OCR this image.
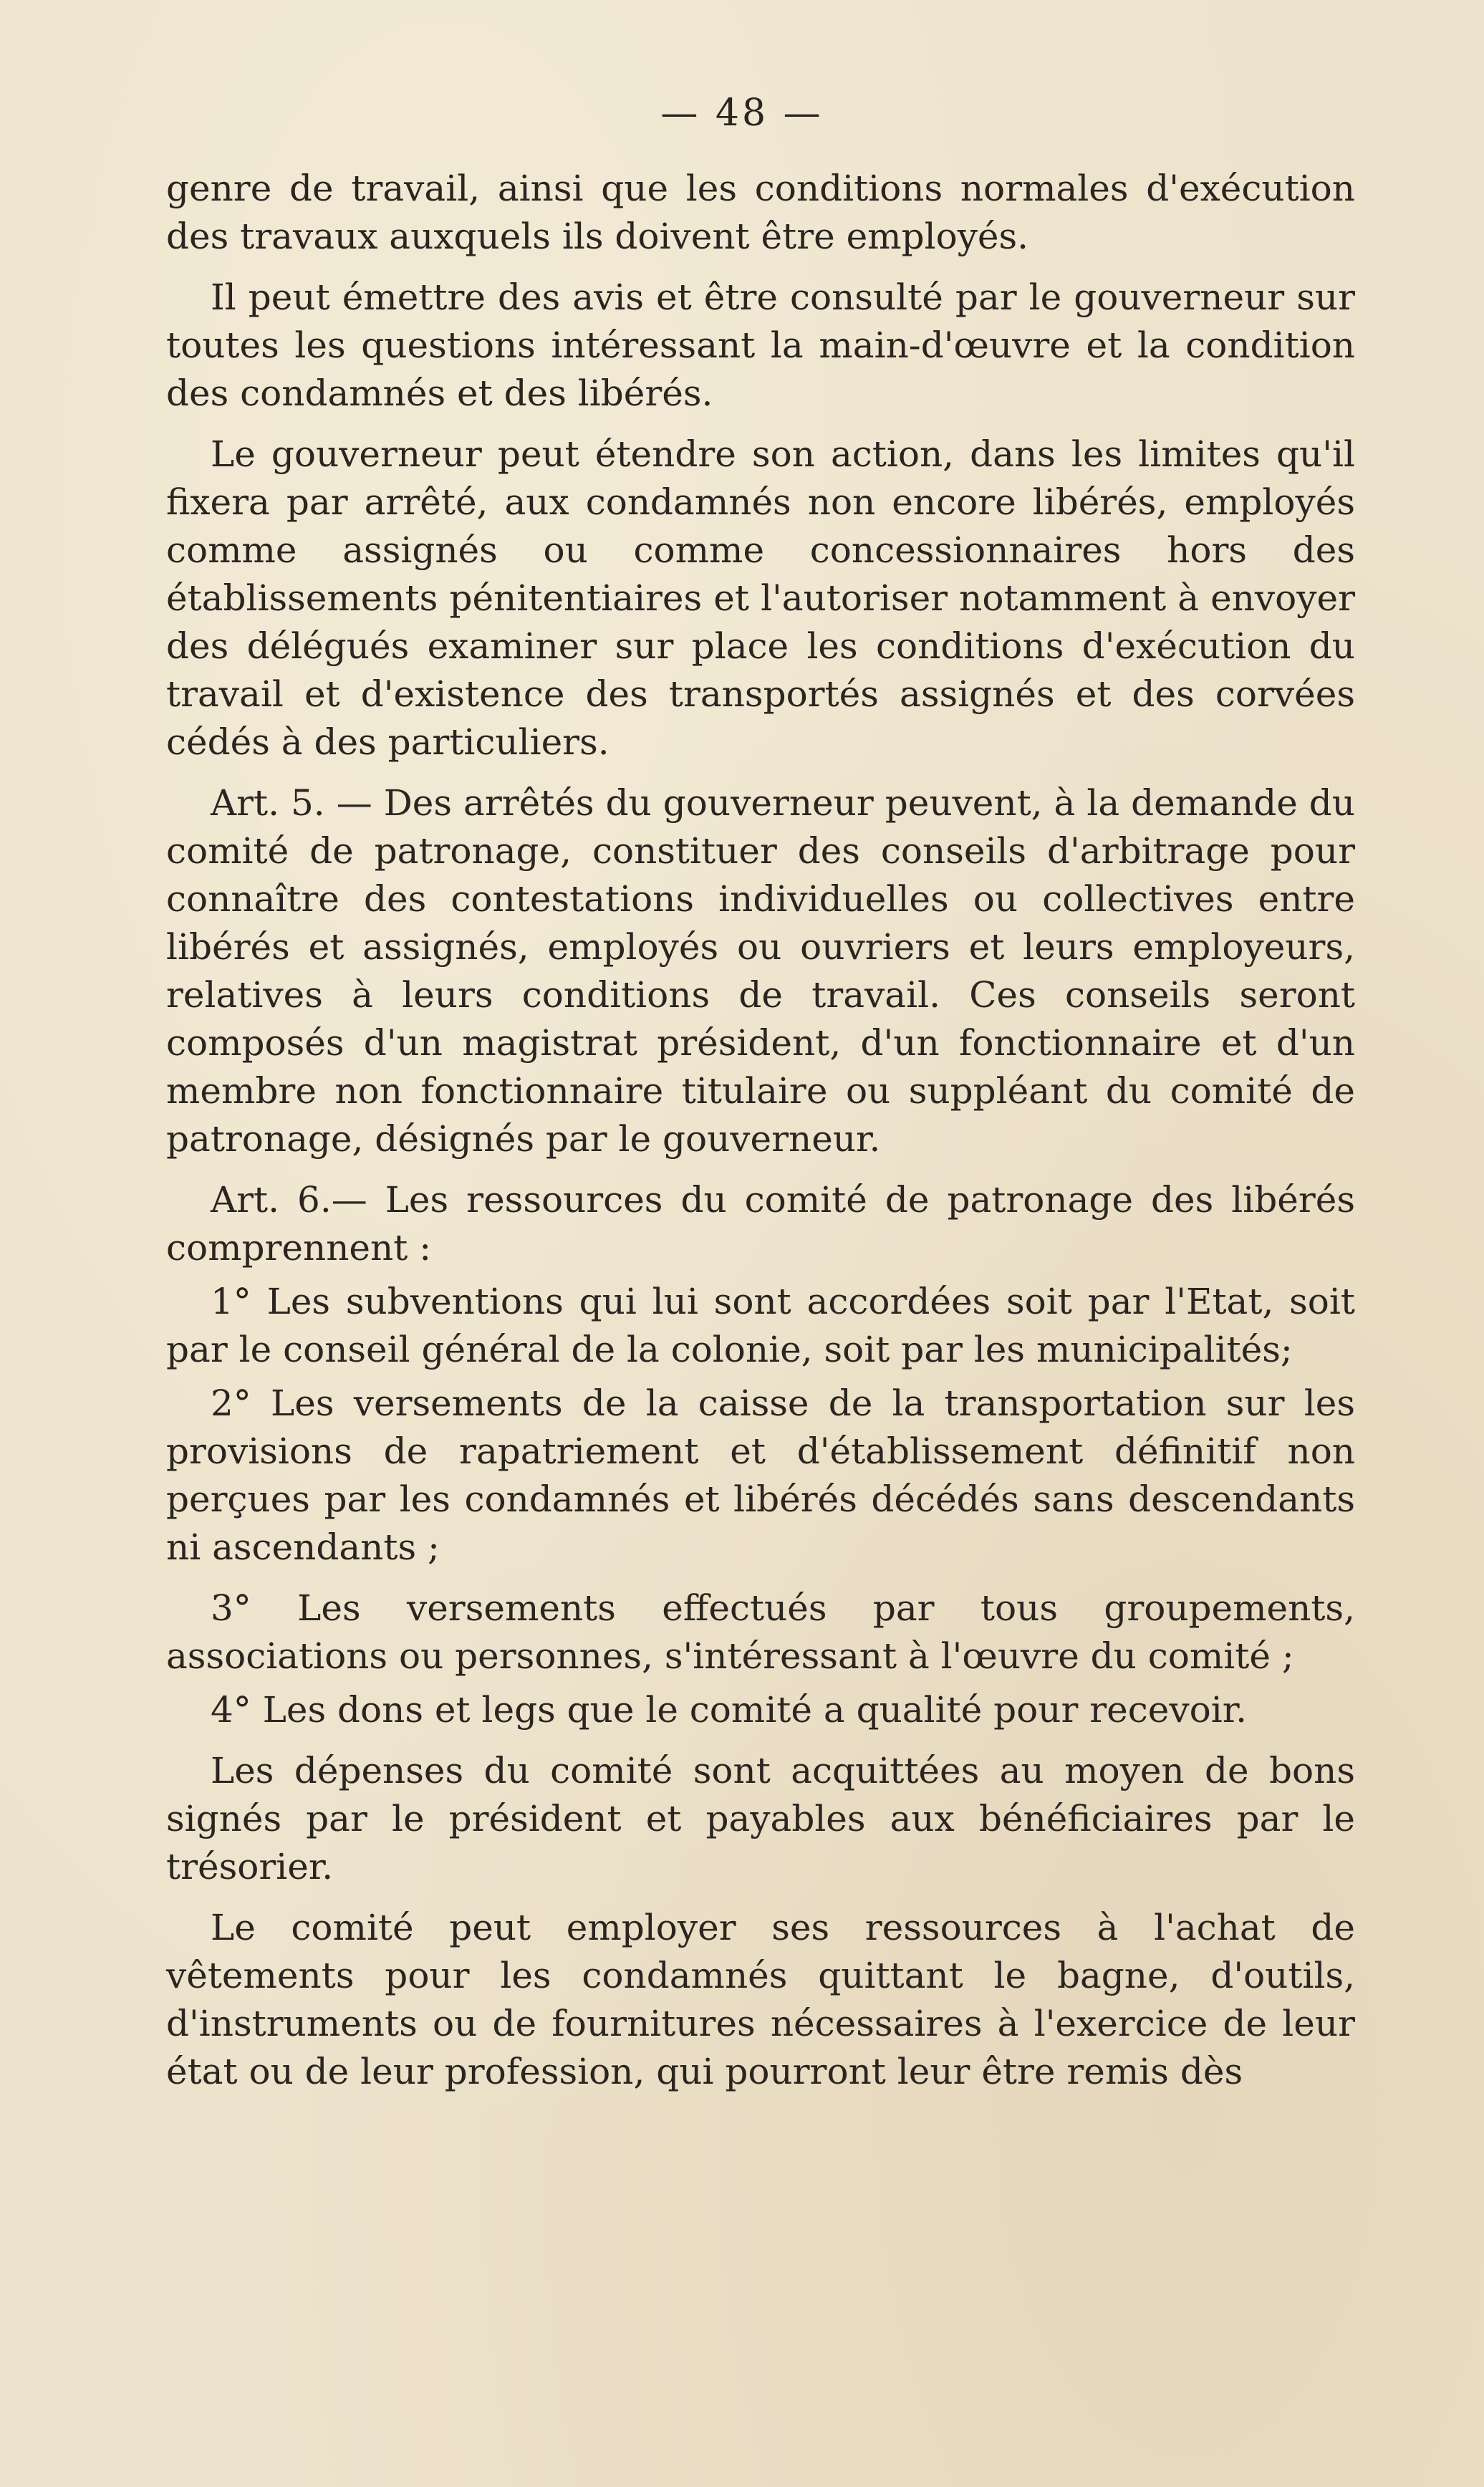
— 48 —

genre de travail, ainsi que les conditions normales d'exécution des travaux auxquels ils doivent être employés.

Il peut émettre des avis et être consulté par le gouverneur sur toutes les questions intéressant la main-d'œuvre et la condition des condamnés et des libérés.

Le gouverneur peut étendre son action, dans les limites qu'il fixera par arrêté, aux condamnés non encore libérés, employés comme assignés ou comme concessionnaires hors des établissements pénitentiaires et l'autoriser notamment à envoyer des délégués examiner sur place les conditions d'exécution du travail et d'existence des transportés assignés et des corvées cédés à des particuliers.

Art. 5. — Des arrêtés du gouverneur peuvent, à la demande du comité de patronage, constituer des conseils d'arbitrage pour connaître des contestations individuelles ou collectives entre libérés et assignés, employés ou ouvriers et leurs employeurs, relatives à leurs conditions de travail. Ces conseils seront composés d'un magistrat président, d'un fonctionnaire et d'un membre non fonctionnaire titulaire ou suppléant du comité de patronage, désignés par le gouverneur.

Art. 6.— Les ressources du comité de patronage des libérés comprennent :

1° Les subventions qui lui sont accordées soit par l'Etat, soit par le conseil général de la colonie, soit par les municipalités;

2° Les versements de la caisse de la transportation sur les provisions de rapatriement et d'établissement définitif non perçues par les condamnés et libérés décédés sans descendants ni ascendants ;

3° Les versements effectués par tous groupements, associations ou personnes, s'intéressant à l'œuvre du comité ;

4° Les dons et legs que le comité a qualité pour recevoir.

Les dépenses du comité sont acquittées au moyen de bons signés par le président et payables aux bénéficiaires par le trésorier.

Le comité peut employer ses ressources à l'achat de vêtements pour les condamnés quittant le bagne, d'outils, d'instruments ou de fournitures nécessaires à l'exercice de leur état ou de leur profession, qui pourront leur être remis dès
